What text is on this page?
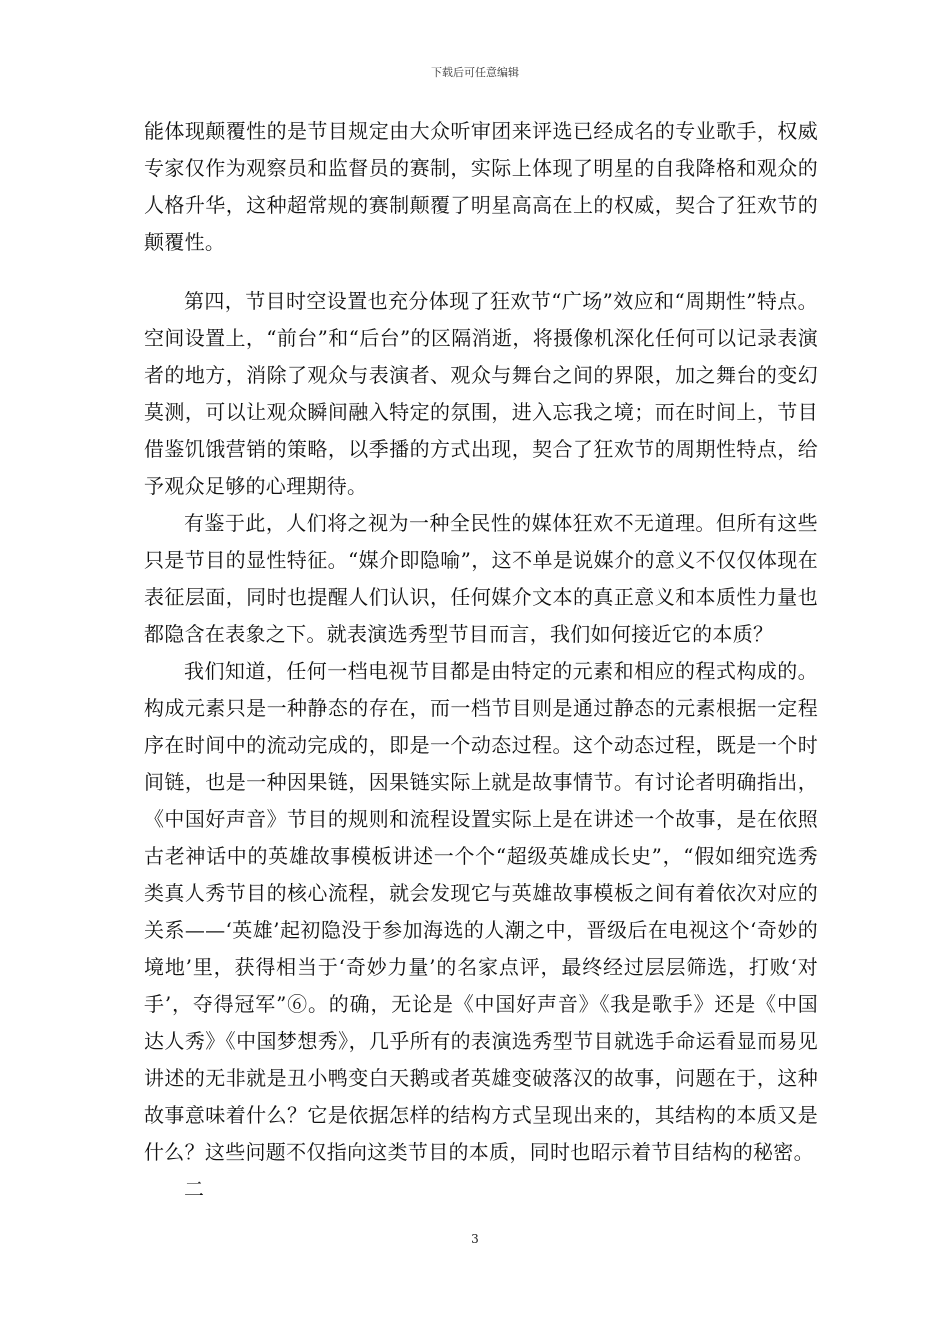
下载后可任意编辑

能体现颠覆性的是节目规定由大众听审团来评选已经成名的专业歌手，权威专家仅作为观察员和监督员的赛制，实际上体现了明星的自我降格和观众的人格升华，这种超常规的赛制颠覆了明星高高在上的权威，契合了狂欢节的颠覆性。

第四，节目时空设置也充分体现了狂欢节“广场”效应和“周期性”特点。空间设置上，“前台”和“后台”的区隔消逝，将摄像机深化任何可以记录表演者的地方，消除了观众与表演者、观众与舞台之间的界限，加之舞台的变幻莫测，可以让观众瞬间融入特定的氛围，进入忘我之境；而在时间上，节目借鉴饥饿营销的策略，以季播的方式出现，契合了狂欢节的周期性特点，给予观众足够的心理期待。

有鉴于此，人们将之视为一种全民性的媒体狂欢不无道理。但所有这些只是节目的显性特征。“媒介即隐喻”，这不单是说媒介的意义不仅仅体现在表征层面，同时也提醒人们认识，任何媒介文本的真正意义和本质性力量也都隐含在表象之下。就表演选秀型节目而言，我们如何接近它的本质？

我们知道，任何一档电视节目都是由特定的元素和相应的程式构成的。构成元素只是一种静态的存在，而一档节目则是通过静态的元素根据一定程序在时间中的流动完成的，即是一个动态过程。这个动态过程，既是一个时间链，也是一种因果链，因果链实际上就是故事情节。有讨论者明确指出，《中国好声音》节目的规则和流程设置实际上是在讲述一个故事，是在依照古老神话中的英雄故事模板讲述一个个“超级英雄成长史”，“假如细究选秀类真人秀节目的核心流程，就会发现它与英雄故事模板之间有着依次对应的关系——‘英雄’起初隐没于参加海选的人潮之中，晋级后在电视这个‘奇妙的境地’里，获得相当于‘奇妙力量’的名家点评，最终经过层层筛选，打败‘对手’，夺得冠军”⑥。的确，无论是《中国好声音》《我是歌手》还是《中国达人秀》《中国梦想秀》，几乎所有的表演选秀型节目就选手命运看显而易见讲述的无非就是丑小鸭变白天鹅或者英雄变破落汉的故事，问题在于，这种故事意味着什么？它是依据怎样的结构方式呈现出来的，其结构的本质又是什么？这些问题不仅指向这类节目的本质，同时也昭示着节目结构的秘密。

二

3
